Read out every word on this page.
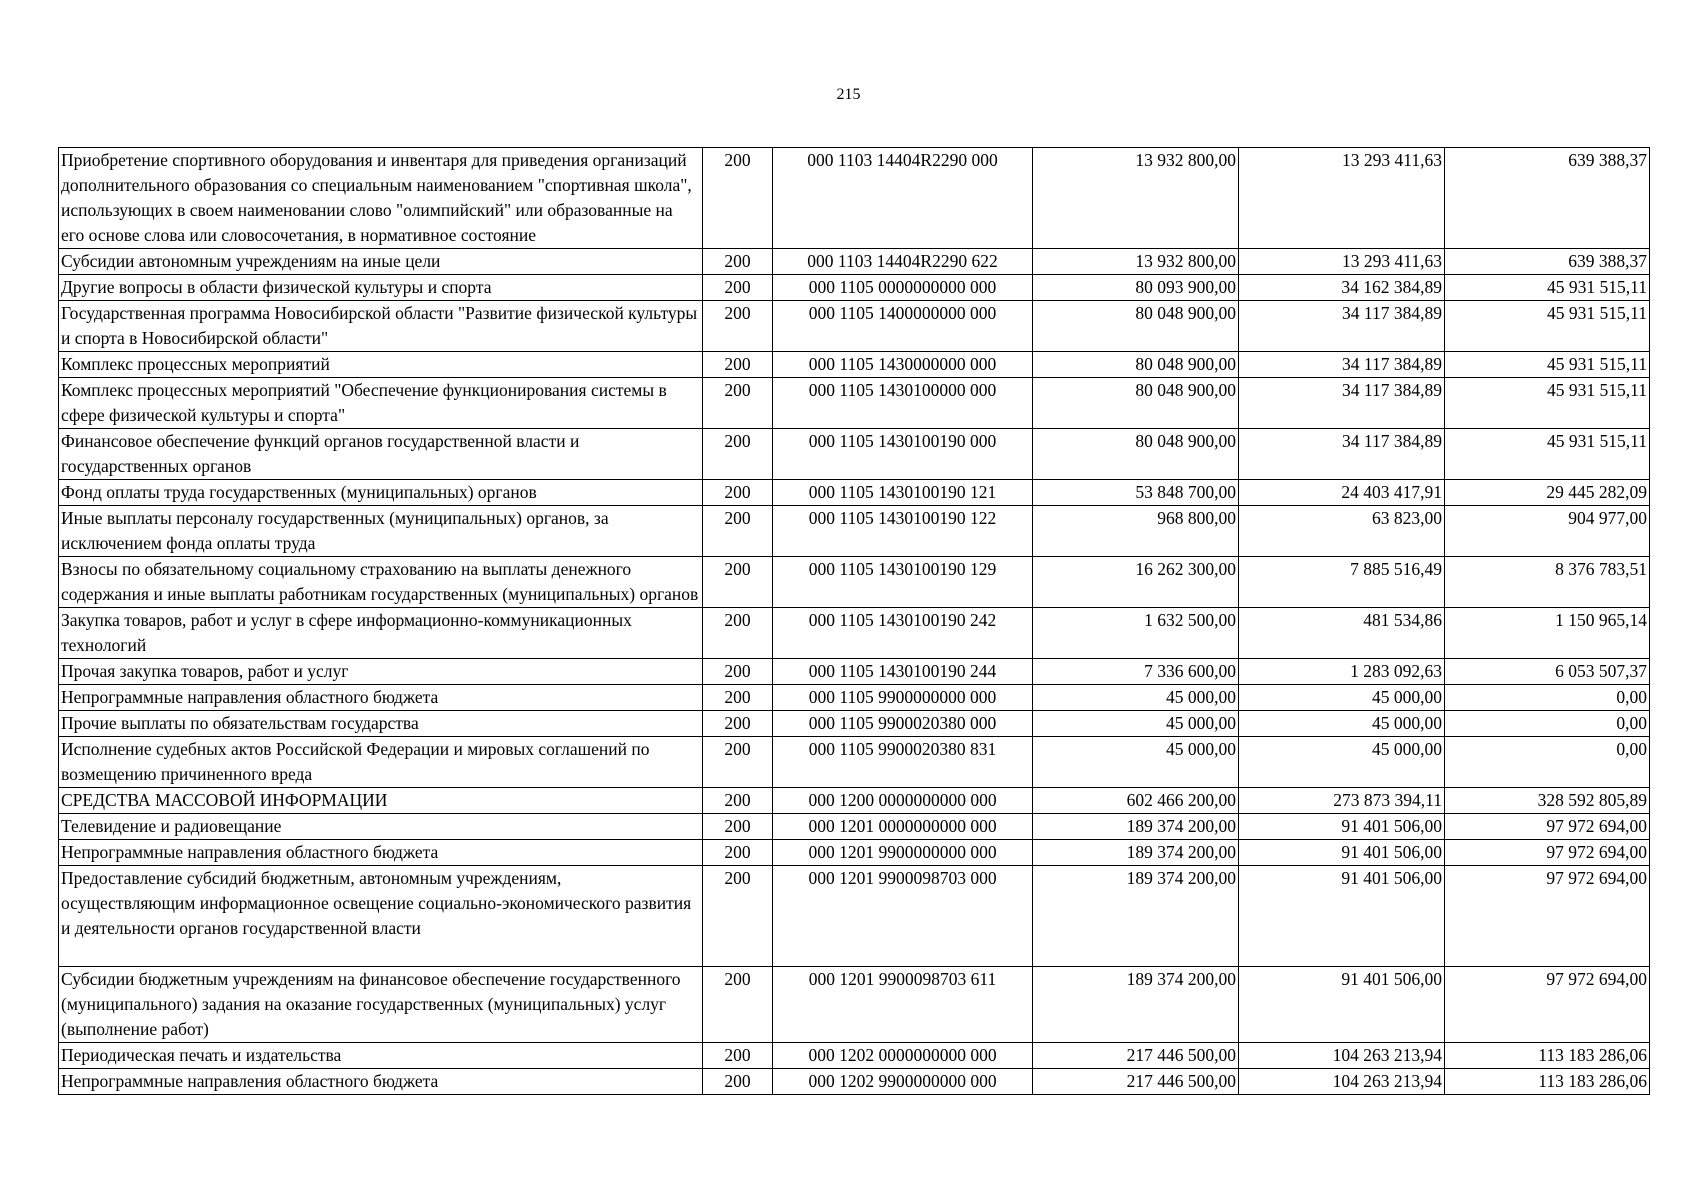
215
Приобретение спортивного оборудования и инвентаря для приведения организаций дополнительного образования со специальным наименованием "спортивная школа", использующих в своем наименовании слово "олимпийский" или образованные на его основе слова или словосочетания, в нормативное состояние	200	000 1103 14404R2290 000	13 932 800,00	13 293 411,63	639 388,37
Субсидии автономным учреждениям на иные цели	200	000 1103 14404R2290 622	13 932 800,00	13 293 411,63	639 388,37
Другие вопросы в области физической культуры и спорта	200	000 1105 0000000000 000	80 093 900,00	34 162 384,89	45 931 515,11
Государственная программа Новосибирской области "Развитие физической культуры и спорта в Новосибирской области"	200	000 1105 1400000000 000	80 048 900,00	34 117 384,89	45 931 515,11
Комплекс процессных мероприятий	200	000 1105 1430000000 000	80 048 900,00	34 117 384,89	45 931 515,11
Комплекс процессных мероприятий "Обеспечение функционирования системы в сфере физической культуры и спорта"	200	000 1105 1430100000 000	80 048 900,00	34 117 384,89	45 931 515,11
Финансовое обеспечение функций органов государственной власти и государственных органов	200	000 1105 1430100190 000	80 048 900,00	34 117 384,89	45 931 515,11
Фонд оплаты труда государственных (муниципальных) органов	200	000 1105 1430100190 121	53 848 700,00	24 403 417,91	29 445 282,09
Иные выплаты персоналу государственных (муниципальных) органов, за исключением фонда оплаты труда	200	000 1105 1430100190 122	968 800,00	63 823,00	904 977,00
Взносы по обязательному социальному страхованию на выплаты денежного содержания и иные выплаты работникам государственных (муниципальных) органов	200	000 1105 1430100190 129	16 262 300,00	7 885 516,49	8 376 783,51
Закупка товаров, работ и услуг в сфере информационно-коммуникационных технологий	200	000 1105 1430100190 242	1 632 500,00	481 534,86	1 150 965,14
Прочая закупка товаров, работ и услуг	200	000 1105 1430100190 244	7 336 600,00	1 283 092,63	6 053 507,37
Непрограммные направления областного бюджета	200	000 1105 9900000000 000	45 000,00	45 000,00	0,00
Прочие выплаты по обязательствам государства	200	000 1105 9900020380 000	45 000,00	45 000,00	0,00
Исполнение судебных актов Российской Федерации и мировых соглашений по возмещению причиненного вреда	200	000 1105 9900020380 831	45 000,00	45 000,00	0,00
СРЕДСТВА МАССОВОЙ ИНФОРМАЦИИ	200	000 1200 0000000000 000	602 466 200,00	273 873 394,11	328 592 805,89
Телевидение и радиовещание	200	000 1201 0000000000 000	189 374 200,00	91 401 506,00	97 972 694,00
Непрограммные направления областного бюджета	200	000 1201 9900000000 000	189 374 200,00	91 401 506,00	97 972 694,00
Предоставление субсидий бюджетным, автономным учреждениям, осуществляющим информационное освещение социально-экономического развития и деятельности органов государственной власти	200	000 1201 9900098703 000	189 374 200,00	91 401 506,00	97 972 694,00
Субсидии бюджетным учреждениям на финансовое обеспечение государственного (муниципального) задания на оказание государственных (муниципальных) услуг (выполнение работ)	200	000 1201 9900098703 611	189 374 200,00	91 401 506,00	97 972 694,00
Периодическая печать и издательства	200	000 1202 0000000000 000	217 446 500,00	104 263 213,94	113 183 286,06
Непрограммные направления областного бюджета	200	000 1202 9900000000 000	217 446 500,00	104 263 213,94	113 183 286,06
